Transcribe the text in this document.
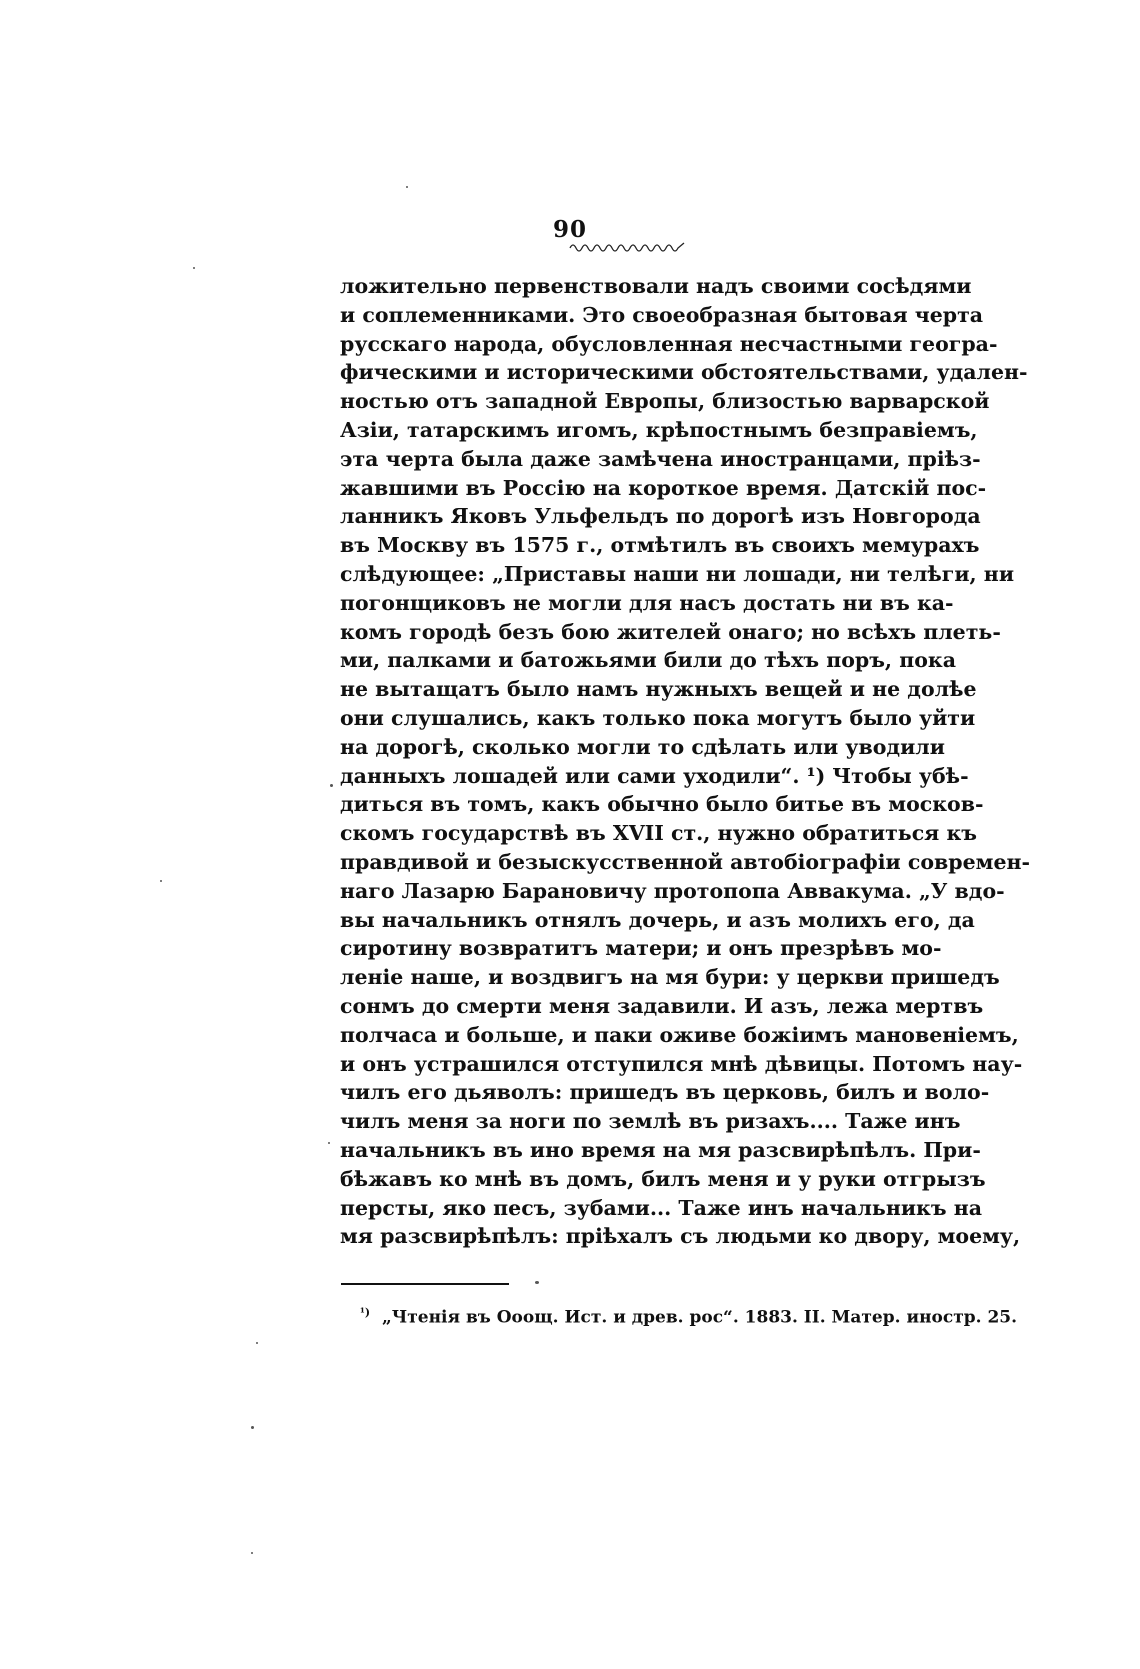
90
ложительно первенствовали надъ своими сосѣдями
и соплеменниками. Это своеобразная бытовая черта
русскаго народа, обусловленная несчастными геогра-
фическими и историческими обстоятельствами, удален-
ностью отъ западной Европы, близостью варварской
Азіи, татарскимъ игомъ, крѣпостнымъ безправіемъ,
эта черта была даже замѣчена иностранцами, пріѣз-
жавшими въ Россію на короткое время. Датскій пос-
ланникъ Яковъ Ульфельдъ по дорогѣ изъ Новгорода
въ Москву въ 1575 г., отмѣтилъ въ своихъ мемурахъ
слѣдующее: „Приставы наши ни лошади, ни телѣги, ни
погонщиковъ не могли для насъ достать ни въ ка-
комъ городѣ безъ бою жителей онаго; но всѣхъ плеть-
ми, палками и батожьями били до тѣхъ поръ, пока
не вытащатъ было намъ нужныхъ вещей и не долѣе
они слушались, какъ только пока могутъ было уйти
на дорогѣ, сколько могли то сдѣлать или уводили
данныхъ лошадей или сами уходили“. ¹) Чтобы убѣ-
диться въ томъ, какъ обычно было битье въ москов-
скомъ государствѣ въ XVII ст., нужно обратиться къ
правдивой и безыскусственной автобіографіи современ-
наго Лазарю Барановичу протопопа Аввакума. „У вдо-
вы начальникъ отнялъ дочерь, и азъ молихъ его, да
сиротину возвратитъ матери; и онъ презрѣвъ мо-
леніе наше, и воздвигъ на мя бури: у церкви пришедъ
сонмъ до смерти меня задавили. И азъ, лежа мертвъ
полчаса и больше, и паки оживе божіимъ мановеніемъ,
и онъ устрашился отступился мнѣ дѣвицы. Потомъ нау-
чилъ его дьяволъ: пришедъ въ церковь, билъ и воло-
чилъ меня за ноги по землѣ въ ризахъ.... Таже инъ
начальникъ въ ино время на мя разсвирѣпѣлъ. При-
бѣжавъ ко мнѣ въ домъ, билъ меня и у руки отгрызъ
персты, яко песъ, зубами... Таже инъ начальникъ на
мя разсвирѣпѣлъ: пріѣхалъ съ людьми ко двору, моему,
$^{^1)}$ „Чтенія въ Ооощ. Ист. и древ. рос“. 1883. II. Матер. иностр. 25.
